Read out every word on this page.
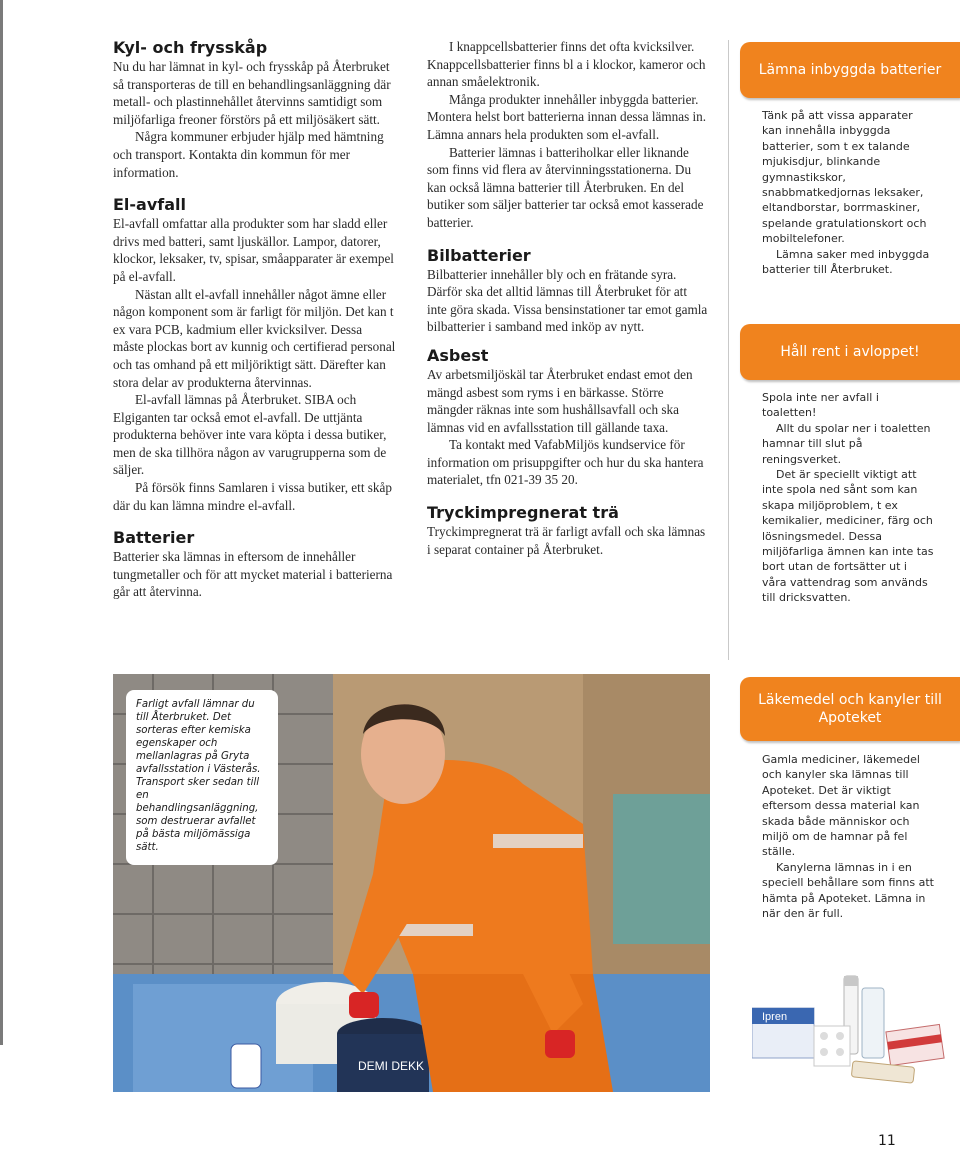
Kyl- och frysskåp

Nu du har lämnat in kyl- och frysskåp på Återbruket så transporteras de till en behandlingsanläggning där metall- och plastinnehållet återvinns samtidigt som miljöfarliga freoner förstörs på ett miljösäkert sätt.

Några kommuner erbjuder hjälp med hämtning och transport. Kontakta din kommun för mer information.

El-avfall

El-avfall omfattar alla produkter som har sladd eller drivs med batteri, samt ljuskällor. Lampor, datorer, klockor, leksaker, tv, spisar, småapparater är exempel på el-avfall.

Nästan allt el-avfall innehåller något ämne eller någon komponent som är farligt för miljön. Det kan t ex vara PCB, kadmium eller kvicksilver. Dessa måste plockas bort av kunnig och certifierad personal och tas omhand på ett miljöriktigt sätt. Därefter kan stora delar av produkterna återvinnas.

El-avfall lämnas på Återbruket. SIBA och Elgiganten tar också emot el-avfall. De uttjänta produkterna behöver inte vara köpta i dessa butiker, men de ska tillhöra någon av varugrupperna som de säljer.

På försök finns Samlaren i vissa butiker, ett skåp där du kan lämna mindre el-avfall.

Batterier

Batterier ska lämnas in eftersom de innehåller tungmetaller och för att mycket material i batterierna går att återvinna.

I knappcellsbatterier finns det ofta kvicksilver. Knappcellsbatterier finns bl a i klockor, kameror och annan småelektronik.

Många produkter innehåller inbyggda batterier. Montera helst bort batterierna innan dessa lämnas in. Lämna annars hela produkten som el-avfall.

Batterier lämnas i batteriholkar eller liknande som finns vid flera av återvinningsstationerna. Du kan också lämna batterier till Återbruken. En del butiker som säljer batterier tar också emot kasserade batterier.

Bilbatterier

Bilbatterier innehåller bly och en frätande syra. Därför ska det alltid lämnas till Återbruket för att inte göra skada. Vissa bensinstationer tar emot gamla bilbatterier i samband med inköp av nytt.

Asbest

Av arbetsmiljöskäl tar Återbruket endast emot den mängd asbest som ryms i en bärkasse. Större mängder räknas inte som hushållsavfall och ska lämnas vid en avfallsstation till gällande taxa.

Ta kontakt med VafabMiljös kundservice för information om prisuppgifter och hur du ska hantera materialet, tfn 021-39 35 20.

Tryckimpregnerat trä

Tryckimpregnerat trä är farligt avfall och ska lämnas i separat container på Återbruket.

Lämna inbyggda batterier
Tänk på att vissa apparater kan innehålla inbyggda batterier, som t ex talande mjukisdjur, blinkande gymnastikskor, snabbmatkedjornas leksaker, eltandborstar, borrmaskiner, spelande gratulationskort och mobiltelefoner.
Lämna saker med inbyggda batterier till Återbruket.
Håll rent i avloppet!
Spola inte ner avfall i toaletten!
Allt du spolar ner i toaletten hamnar till slut på reningsverket.
Det är speciellt viktigt att inte spola ned sånt som kan skapa miljöproblem, t ex kemikalier, mediciner, färg och lösningsmedel. Dessa miljöfarliga ämnen kan inte tas bort utan de fortsätter ut i våra vattendrag som används till dricksvatten.
Läkemedel och kanyler till Apoteket
Gamla mediciner, läkemedel och kanyler ska lämnas till Apoteket. Det är viktigt eftersom dessa material kan skada både människor och miljö om de hamnar på fel ställe.
Kanylerna lämnas in i en speciell behållare som finns att hämta på Apoteket. Lämna in när den är full.
Ipren
DEMI DEKK
Farligt avfall lämnar du till Återbruket. Det sorteras efter kemiska egenskaper och mellanlagras på Gryta avfallsstation i Västerås. Transport sker sedan till en behandlingsanläggning, som destruerar avfallet på bästa miljömässiga sätt.
11
